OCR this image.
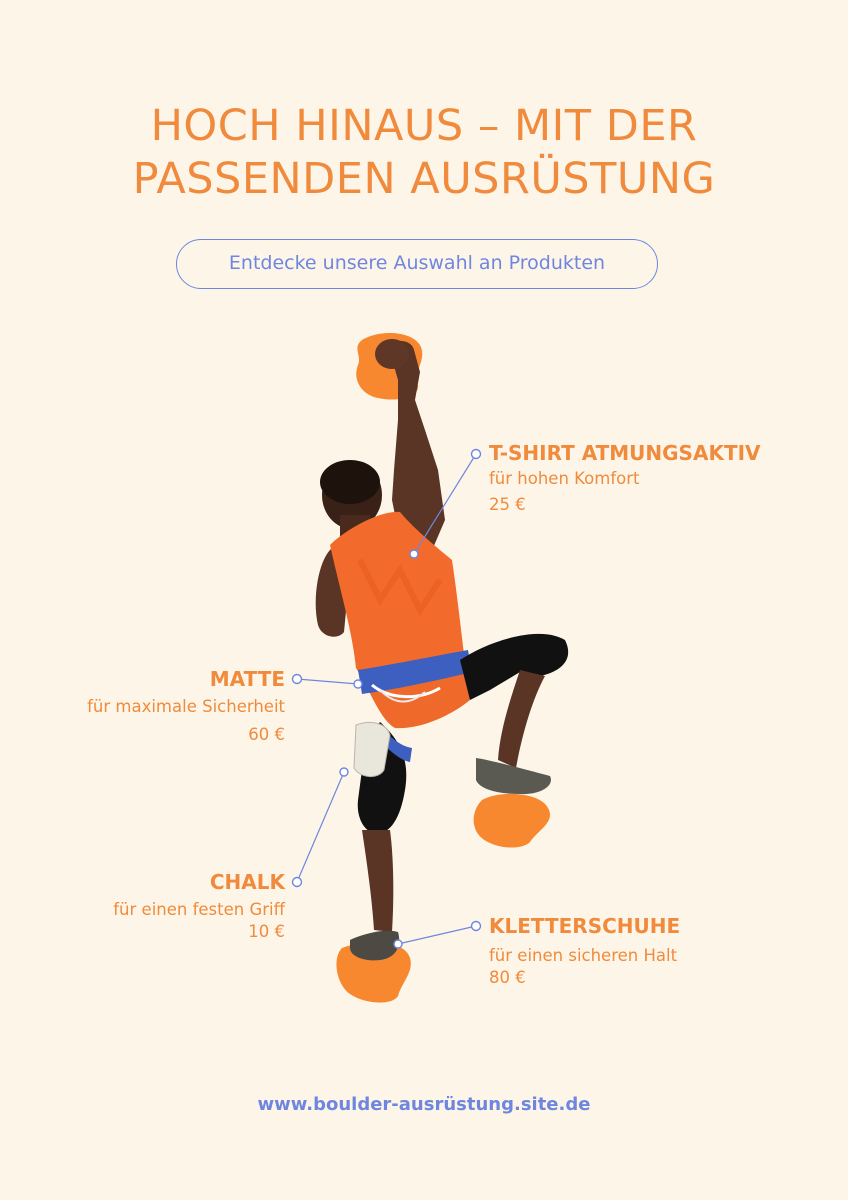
HOCH HINAUS – MIT DER
PASSENDEN AUSRÜSTUNG
Entdecke unsere Auswahl an Produkten
T-SHIRT ATMUNGSAKTIV
für hohen Komfort
25 €
MATTE
für maximale Sicherheit
60 €
CHALK
für einen festen Griff
10 €	KLETTERSCHUHE
für einen sicheren Halt
80 €
www.boulder-ausrüstung.site.de
